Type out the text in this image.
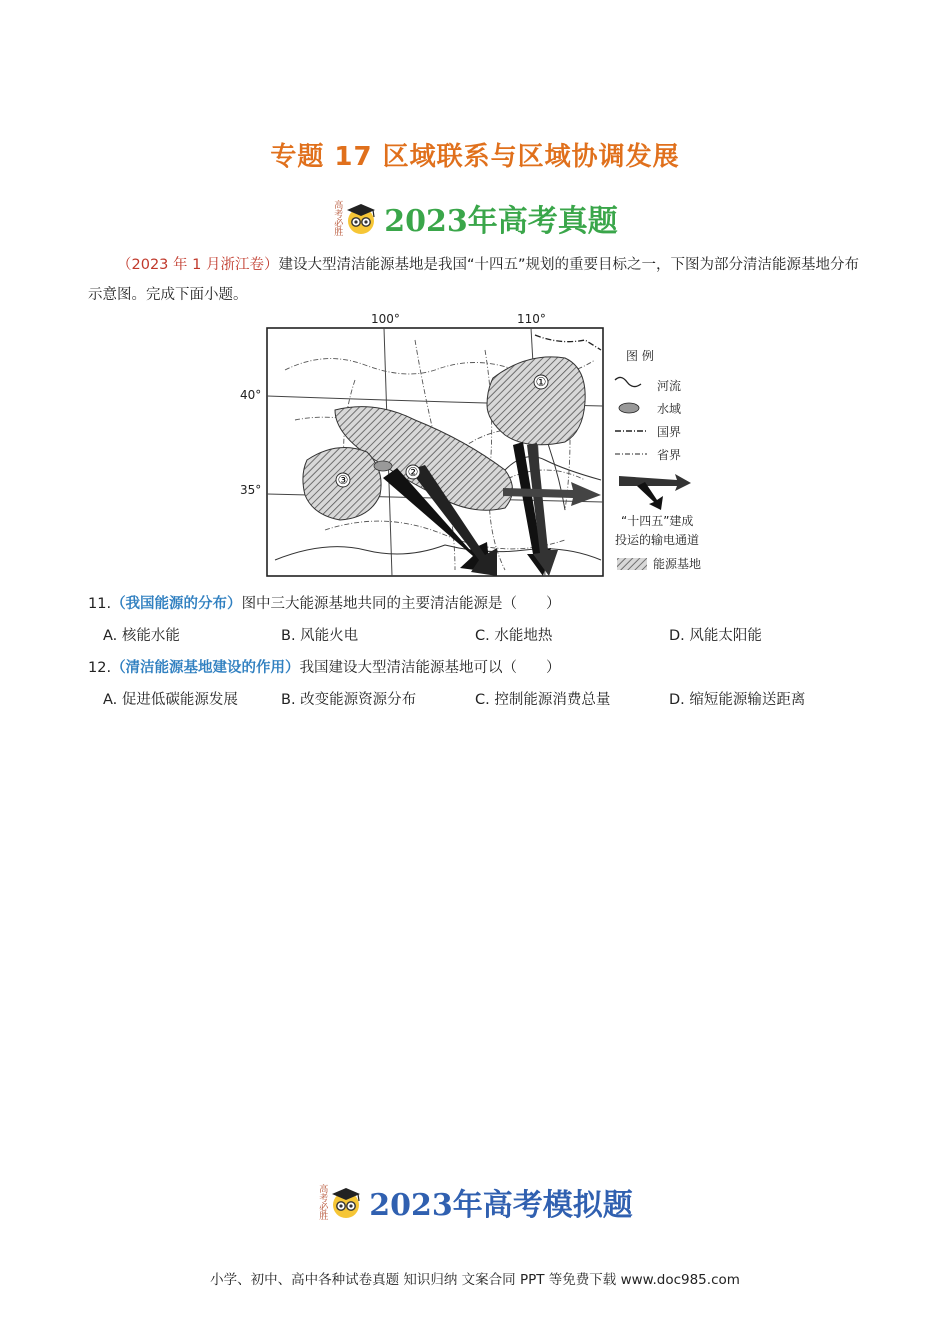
专题 17 区域联系与区域协调发展
高考必胜 2023年高考真题
（2023 年 1 月浙江卷）建设大型清洁能源基地是我国“十四五”规划的重要目标之一，下图为部分清洁能源基地分布示意图。完成下面小题。
①
②
③
100°	110°
图 例
河流
水域
国界
省界
“十四五”建成
投运的输电通道
能源基地
40°
35°
11.（我国能源的分布）图中三大能源基地共同的主要清洁能源是（　　）
A. 核能水能	B. 风能火电	C. 水能地热	D. 风能太阳能
12.（清洁能源基地建设的作用）我国建设大型清洁能源基地可以（　　）
A. 促进低碳能源发展	B. 改变能源资源分布	C. 控制能源消费总量	D. 缩短能源输送距离
高考必胜 2023年高考模拟题
小学、初中、高中各种试卷真题 知识归纳 文案合同 PPT 等免费下载 www.doc985.com
